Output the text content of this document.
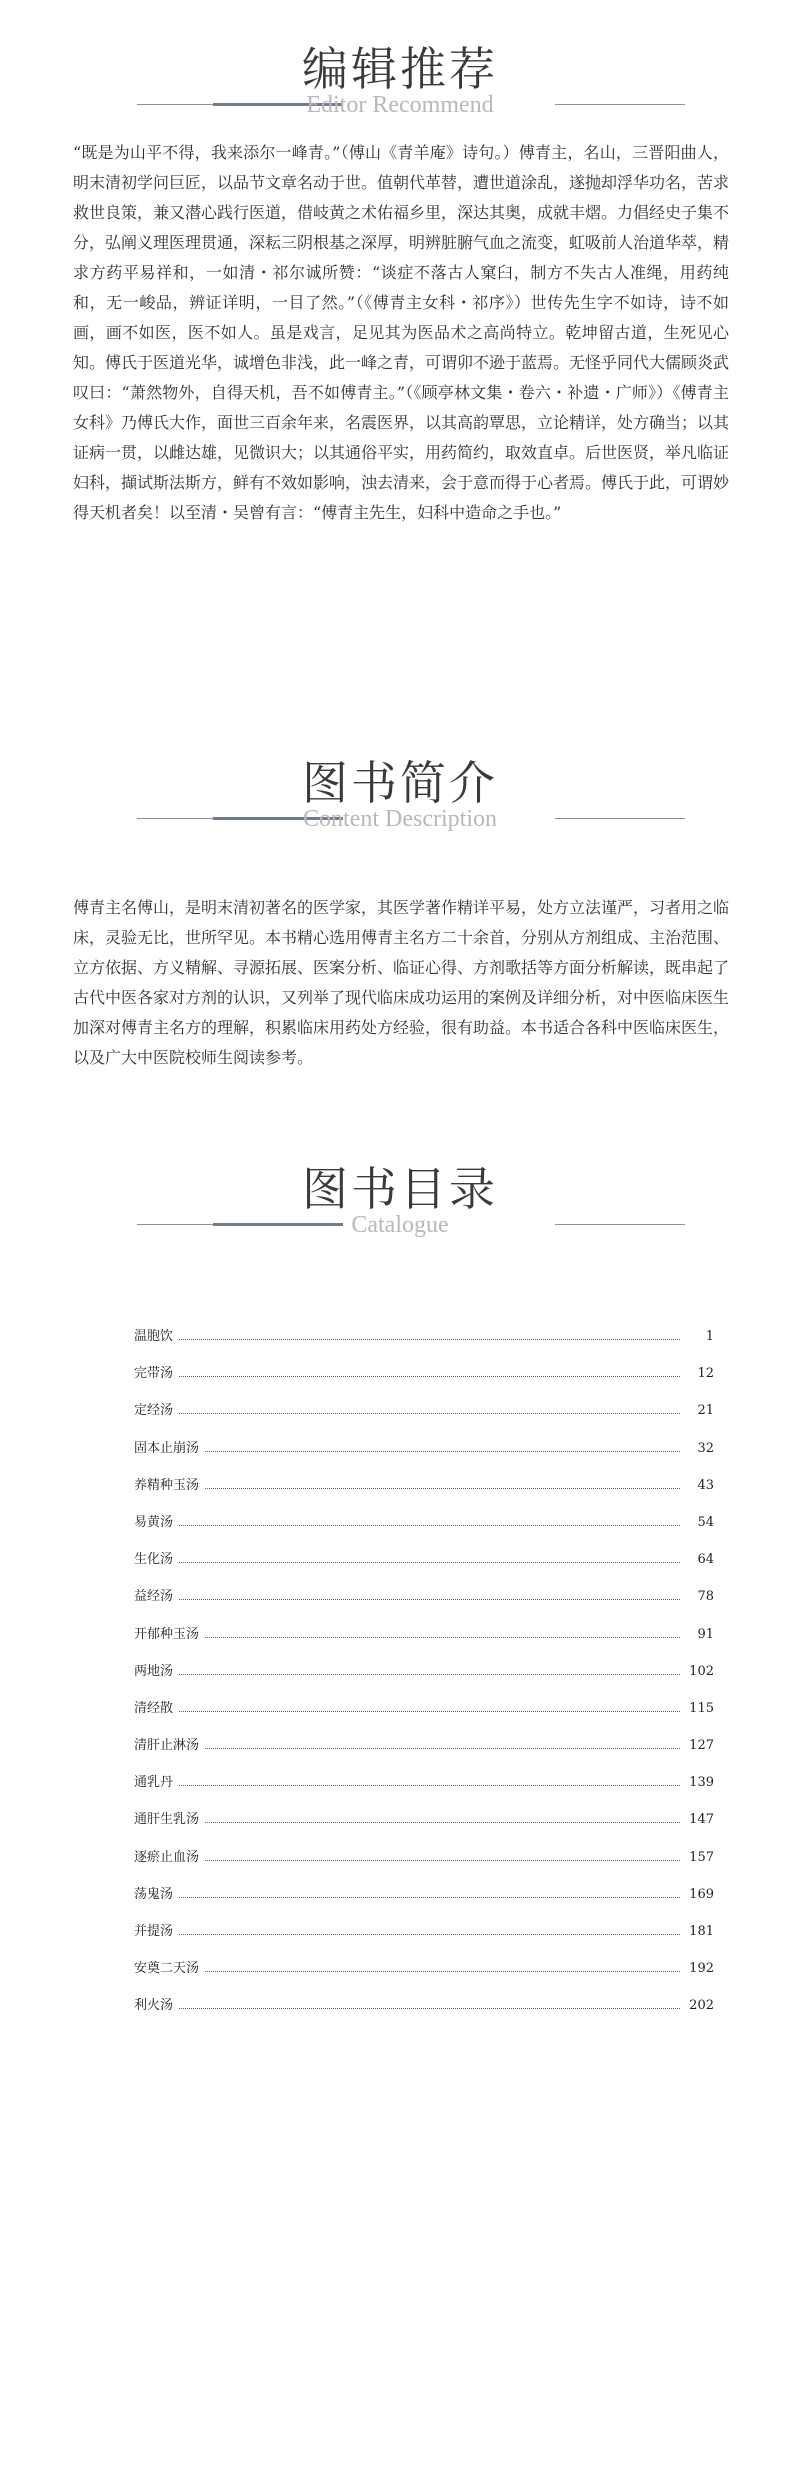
编辑推荐
Editor Recommend

“既是为山平不得，我来添尔一峰青。”（傅山《青羊庵》诗句。）傅青主，名山，三晋阳曲人，明末清初学问巨匠，以品节文章名动于世。值朝代革替，遭世道涂乱，遂抛却浮华功名，苦求救世良策，兼又潜心践行医道，借岐黄之术佑福乡里，深达其奥，成就丰熠。力倡经史子集不分，弘阐义理医理贯通，深耘三阴根基之深厚，明辨脏腑气血之流变，虹吸前人治道华萃，精求方药平易祥和，一如清・祁尔诚所赞：“谈症不落古人窠臼，制方不失古人准绳，用药纯和，无一峻品，辨证详明，一目了然。”（《傅青主女科・祁序》）世传先生字不如诗，诗不如画，画不如医，医不如人。虽是戏言，足见其为医品术之高尚特立。乾坤留古道，生死见心知。傅氏于医道光华，诚增色非浅，此一峰之青，可谓卯不逊于蓝焉。无怪乎同代大儒顾炎武叹曰：“萧然物外，自得天机，吾不如傅青主。”（《顾亭林文集・卷六・补遗・广师》）《傅青主女科》乃傅氏大作，面世三百余年来，名震医界，以其高韵覃思，立论精详，处方确当；以其证病一贯，以雌达雄，见微识大；以其通俗平实，用药简约，取效直卓。后世医贤，举凡临证妇科，擷试斯法斯方，鲜有不效如影响，浊去清来，会于意而得于心者焉。傅氏于此，可谓妙得天机者矣！以至清・吴曾有言：“傅青主先生，妇科中造命之手也。”

图书简介
Content Description

傅青主名傅山，是明末清初著名的医学家，其医学著作精详平易，处方立法谨严，习者用之临床，灵验无比，世所罕见。本书精心选用傅青主名方二十余首，分别从方剂组成、主治范围、立方依据、方义精解、寻源拓展、医案分析、临证心得、方剂歌括等方面分析解读，既串起了古代中医各家对方剂的认识，又列举了现代临床成功运用的案例及详细分析，对中医临床医生加深对傅青主名方的理解，积累临床用药处方经验，很有助益。本书适合各科中医临床医生，以及广大中医院校师生阅读参考。

图书目录
Catalogue
温胞饮	1
完带汤	12
定经汤	21
固本止崩汤	32
养精种玉汤	43
易黄汤	54
生化汤	64
益经汤	78
开郁种玉汤	91
两地汤	102
清经散	115
清肝止淋汤	127
通乳丹	139
通肝生乳汤	147
逐瘀止血汤	157
荡鬼汤	169
并提汤	181
安奠二天汤	192
利火汤	202
